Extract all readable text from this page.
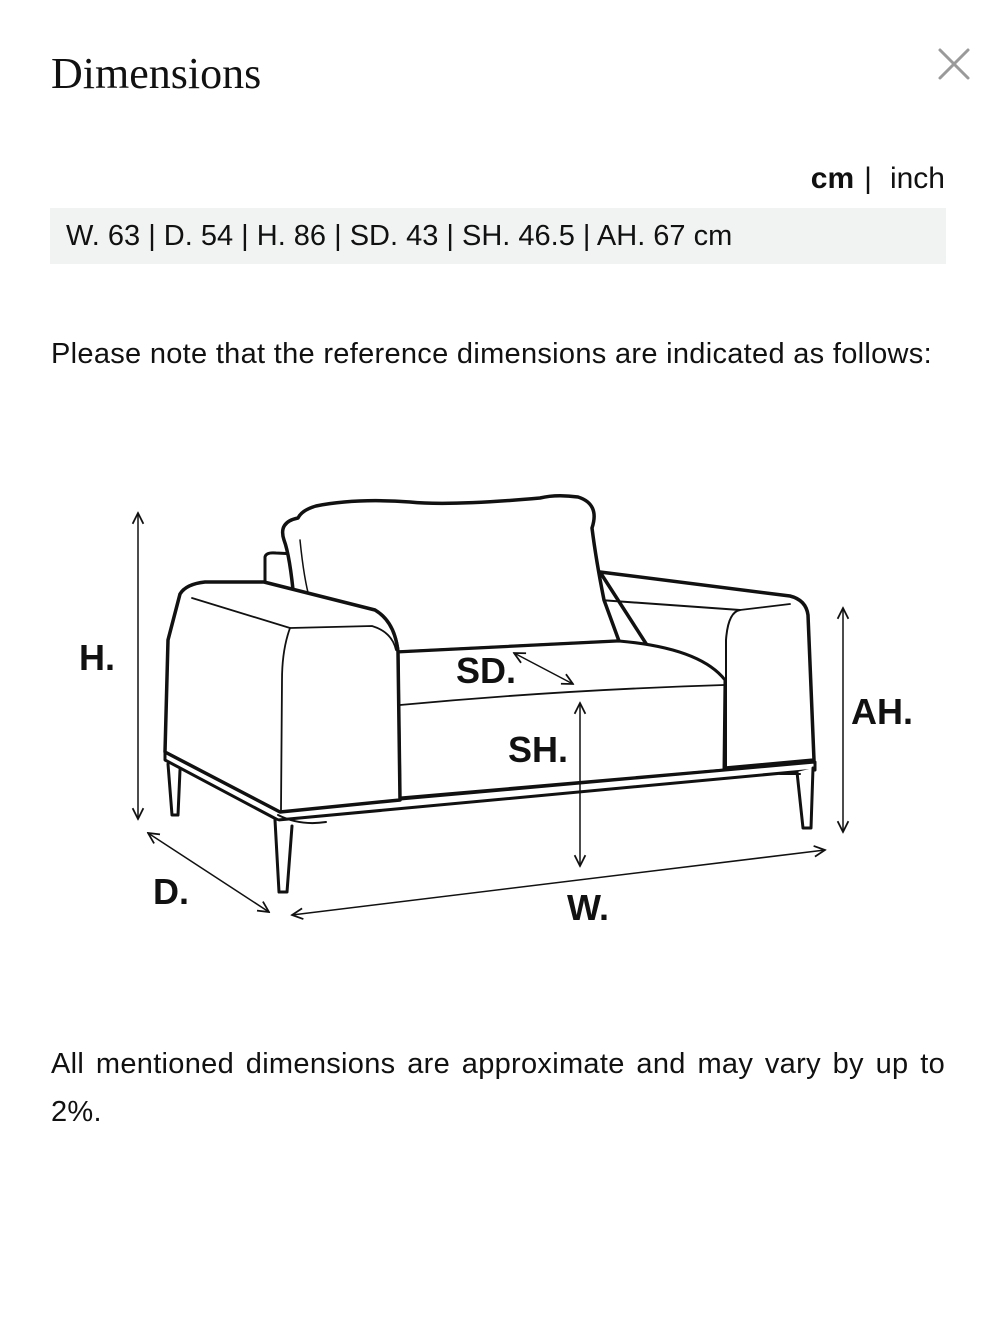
Dimensions
cm | inch
W. 63 | D. 54 | H. 86 | SD. 43 | SH. 46.5 | AH. 67 cm

Please note that the reference dimensions are indicated as follows:

H.	SD.
SH.
AH.
D.	W.

All mentioned dimensions are approximate and may vary by up to 2%.
